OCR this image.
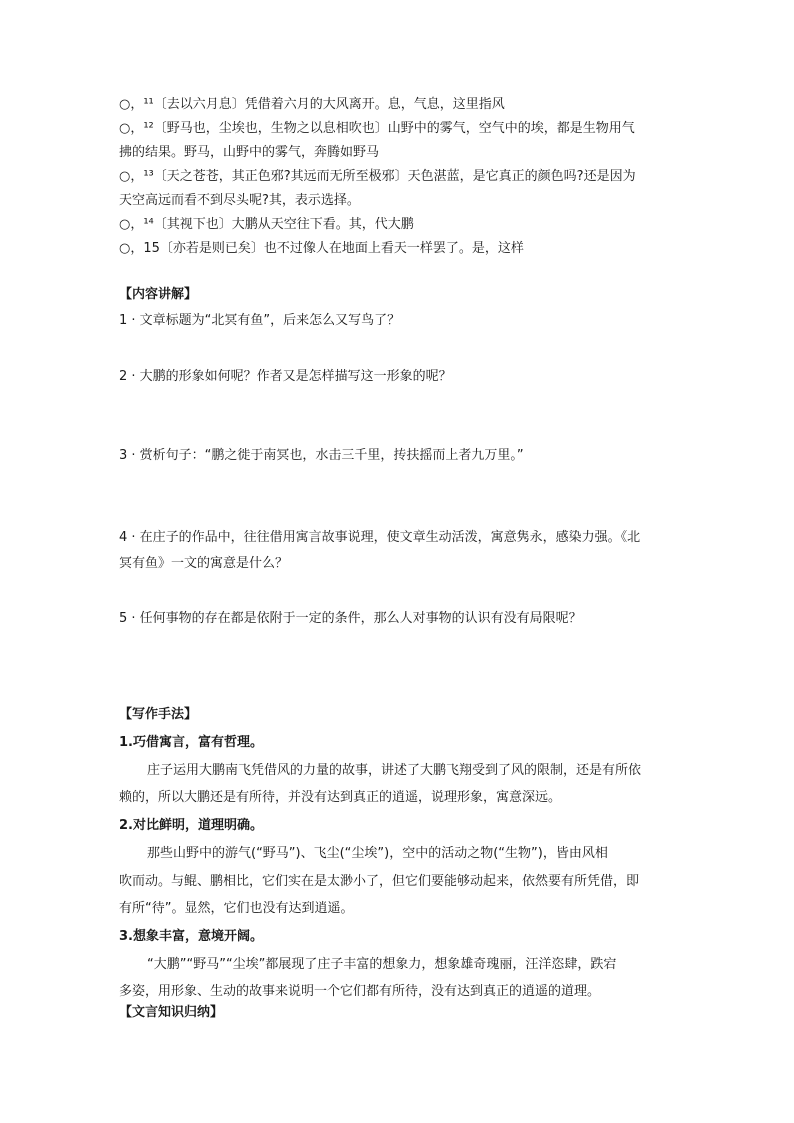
○，¹¹〔去以六月息〕凭借着六月的大风离开。息，气息，这里指风
○，¹²〔野马也，尘埃也，生物之以息相吹也〕山野中的雾气，空气中的埃，都是生物用气
拂的结果。野马，山野中的雾气，奔腾如野马
○，¹³〔天之苍苍，其正色邪?其远而无所至极邪〕天色湛蓝，是它真正的颜色吗?还是因为
天空高远而看不到尽头呢?其，表示选择。
○，¹⁴〔其视下也〕大鹏从天空往下看。其，代大鹏
○，15〔亦若是则已矣〕也不过像人在地面上看天一样罢了。是，这样
【内容讲解】
1 · 文章标题为“北冥有鱼”，后来怎么又写鸟了？
2 · 大鹏的形象如何呢？作者又是怎样描写这一形象的呢？
3 · 赏析句子：“鹏之徙于南冥也，水击三千里，抟扶摇而上者九万里。”
4 · 在庄子的作品中，往往借用寓言故事说理，使文章生动活泼，寓意隽永，感染力强。《北
冥有鱼》一文的寓意是什么？
5 · 任何事物的存在都是依附于一定的条件，那么人对事物的认识有没有局限呢？
【写作手法】
1.巧借寓言，富有哲理。
庄子运用大鹏南飞凭借风的力量的故事，讲述了大鹏飞翔受到了风的限制，还是有所依
赖的，所以大鹏还是有所待，并没有达到真正的逍遥，说理形象，寓意深远。
2.对比鲜明，道理明确。
那些山野中的游气(“野马”)、飞尘(“尘埃”)，空中的活动之物(“生物”)，皆由风相
吹而动。与鲲、鹏相比，它们实在是太渺小了，但它们要能够动起来，依然要有所凭借，即
有所“待”。显然，它们也没有达到逍遥。
3.想象丰富，意境开阔。
“大鹏”“野马”“尘埃”都展现了庄子丰富的想象力，想象雄奇瑰丽，汪洋恣肆，跌宕
多姿，用形象、生动的故事来说明一个它们都有所待，没有达到真正的逍遥的道理。
【文言知识归纳】
